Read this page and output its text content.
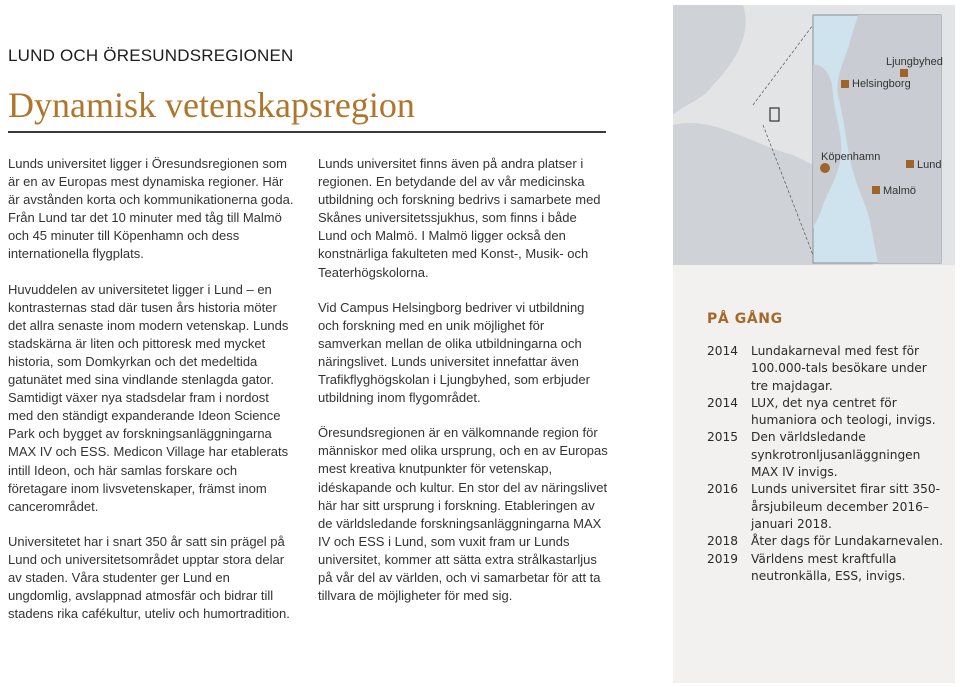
LUND OCH ÖRESUNDSREGIONEN
Dynamisk vetenskapsregion

Lunds universitet ligger i Öresundsregionen som är en av Europas mest dynamiska regioner. Här är avstånden korta och kommunikationerna goda. Från Lund tar det 10 minuter med tåg till Malmö och 45 minuter till Köpenhamn och dess internationella flygplats.

Huvuddelen av universitetet ligger i Lund – en kontrasternas stad där tusen års historia möter det allra senaste inom modern vetenskap. Lunds stadskärna är liten och pittoresk med mycket historia, som Domkyrkan och det medeltida gatunätet med sina vindlande stenlagda gator. Samtidigt växer nya stadsdelar fram i nordost med den ständigt expanderande Ideon Science Park och bygget av forskningsanläggningarna MAX IV och ESS. Medicon Village har etablerats intill Ideon, och här samlas forskare och företagare inom livsvetenskaper, främst inom cancerområdet.

Universitetet har i snart 350 år satt sin prägel på Lund och universitetsområdet upptar stora delar av staden. Våra studenter ger Lund en ungdomlig, avslappnad atmosfär och bidrar till stadens rika cafékultur, uteliv och humortradition.

Lunds universitet finns även på andra platser i regionen. En betydande del av vår medicinska utbildning och forskning bedrivs i samarbete med Skånes universitetssjukhus, som finns i både Lund och Malmö. I Malmö ligger också den konstnärliga fakulteten med Konst-, Musik- och Teaterhögskolorna.

Vid Campus Helsingborg bedriver vi utbildning och forskning med en unik möjlighet för samverkan mellan de olika utbildningarna och näringslivet. Lunds universitet innefattar även Trafikflyghögskolan i Ljungbyhed, som erbjuder utbildning inom flygområdet.

Öresundsregionen är en välkomnande region för människor med olika ursprung, och en av Europas mest kreativa knutpunkter för vetenskap, idéskapande och kultur. En stor del av näringslivet här har sitt ursprung i forskning. Etableringen av de världsledande forskningsanläggningarna MAX IV och ESS i Lund, som vuxit fram ur Lunds universitet, kommer att sätta extra strålkastarljus på vår del av världen, och vi samarbetar för att ta tillvara de möjligheter för med sig.

Ljungbyhed
Helsingborg
Köpenhamn
Lund
Malmö
PÅ GÅNG
2014	Lundakarneval med fest för 100.000-tals besökare under tre majdagar.
2014	LUX, det nya centret för humaniora och teologi, invigs.
2015	Den världsledande synkrotronljusanläggningen MAX IV invigs.
2016	Lunds universitet firar sitt 350-årsjubileum december 2016–januari 2018.
2018	Åter dags för Lundakarnevalen.
2019	Världens mest kraftfulla neutronkälla, ESS, invigs.
